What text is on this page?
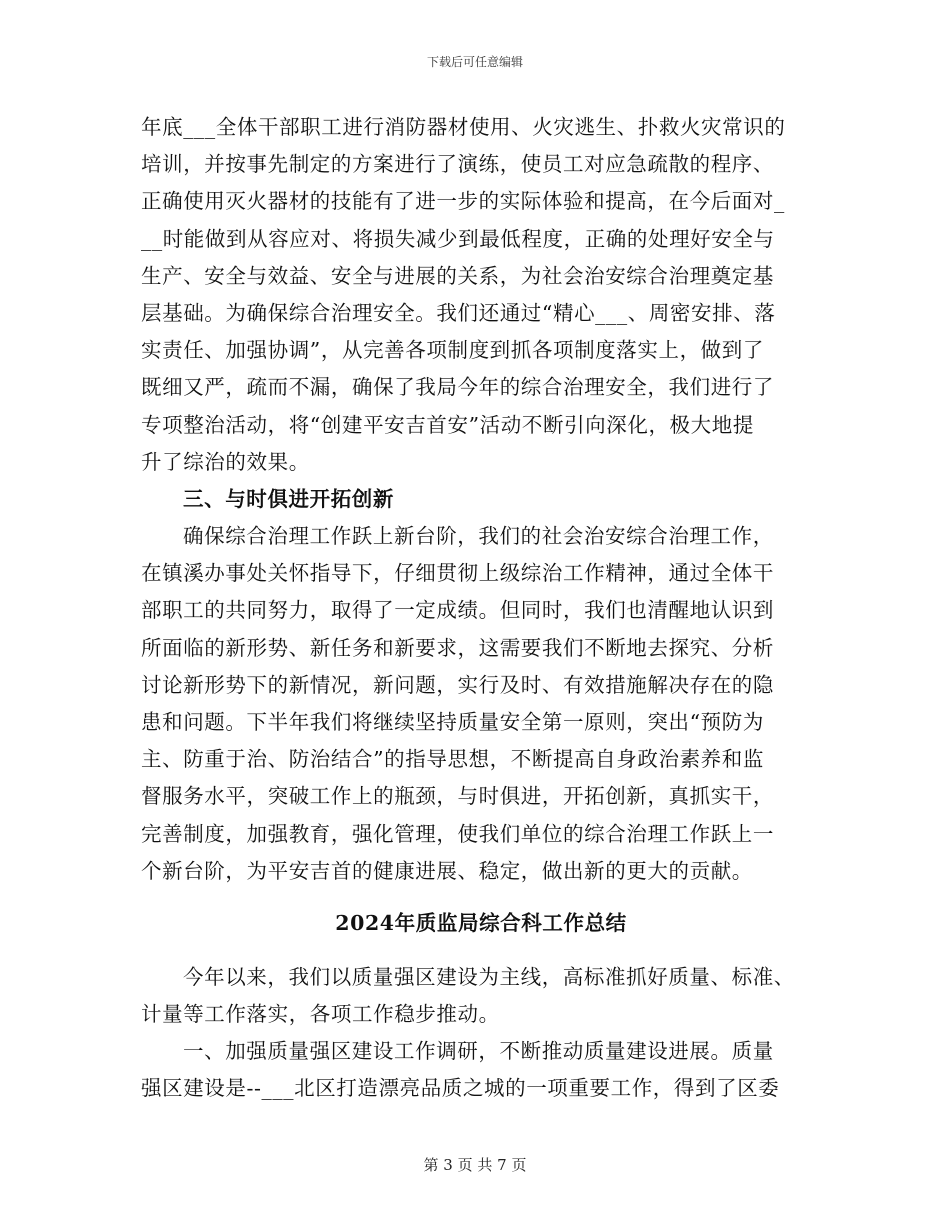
下载后可任意编辑
年底___全体干部职工进行消防器材使用、火灾逃生、扑救火灾常识的
培训，并按事先制定的方案进行了演练，使员工对应急疏散的程序、
正确使用灭火器材的技能有了进一步的实际体验和提高，在今后面对_
__时能做到从容应对、将损失减少到最低程度，正确的处理好安全与
生产、安全与效益、安全与进展的关系，为社会治安综合治理奠定基
层基础。为确保综合治理安全。我们还通过“精心___、周密安排、落
实责任、加强协调”，从完善各项制度到抓各项制度落实上，做到了
既细又严，疏而不漏，确保了我局今年的综合治理安全，我们进行了
专项整治活动，将“创建平安吉首安”活动不断引向深化，极大地提
升了综治的效果。
三、与时俱进开拓创新
确保综合治理工作跃上新台阶，我们的社会治安综合治理工作，
在镇溪办事处关怀指导下，仔细贯彻上级综治工作精神，通过全体干
部职工的共同努力，取得了一定成绩。但同时，我们也清醒地认识到
所面临的新形势、新任务和新要求，这需要我们不断地去探究、分析
讨论新形势下的新情况，新问题，实行及时、有效措施解决存在的隐
患和问题。下半年我们将继续坚持质量安全第一原则，突出“预防为
主、防重于治、防治结合”的指导思想，不断提高自身政治素养和监
督服务水平，突破工作上的瓶颈，与时俱进，开拓创新，真抓实干，
完善制度，加强教育，强化管理，使我们单位的综合治理工作跃上一
个新台阶，为平安吉首的健康进展、稳定，做出新的更大的贡献。
2024年质监局综合科工作总结
今年以来，我们以质量强区建设为主线，高标准抓好质量、标准、
计量等工作落实，各项工作稳步推动。
一、加强质量强区建设工作调研，不断推动质量建设进展。质量
强区建设是--___北区打造漂亮品质之城的一项重要工作，得到了区委
第 3 页 共 7 页
